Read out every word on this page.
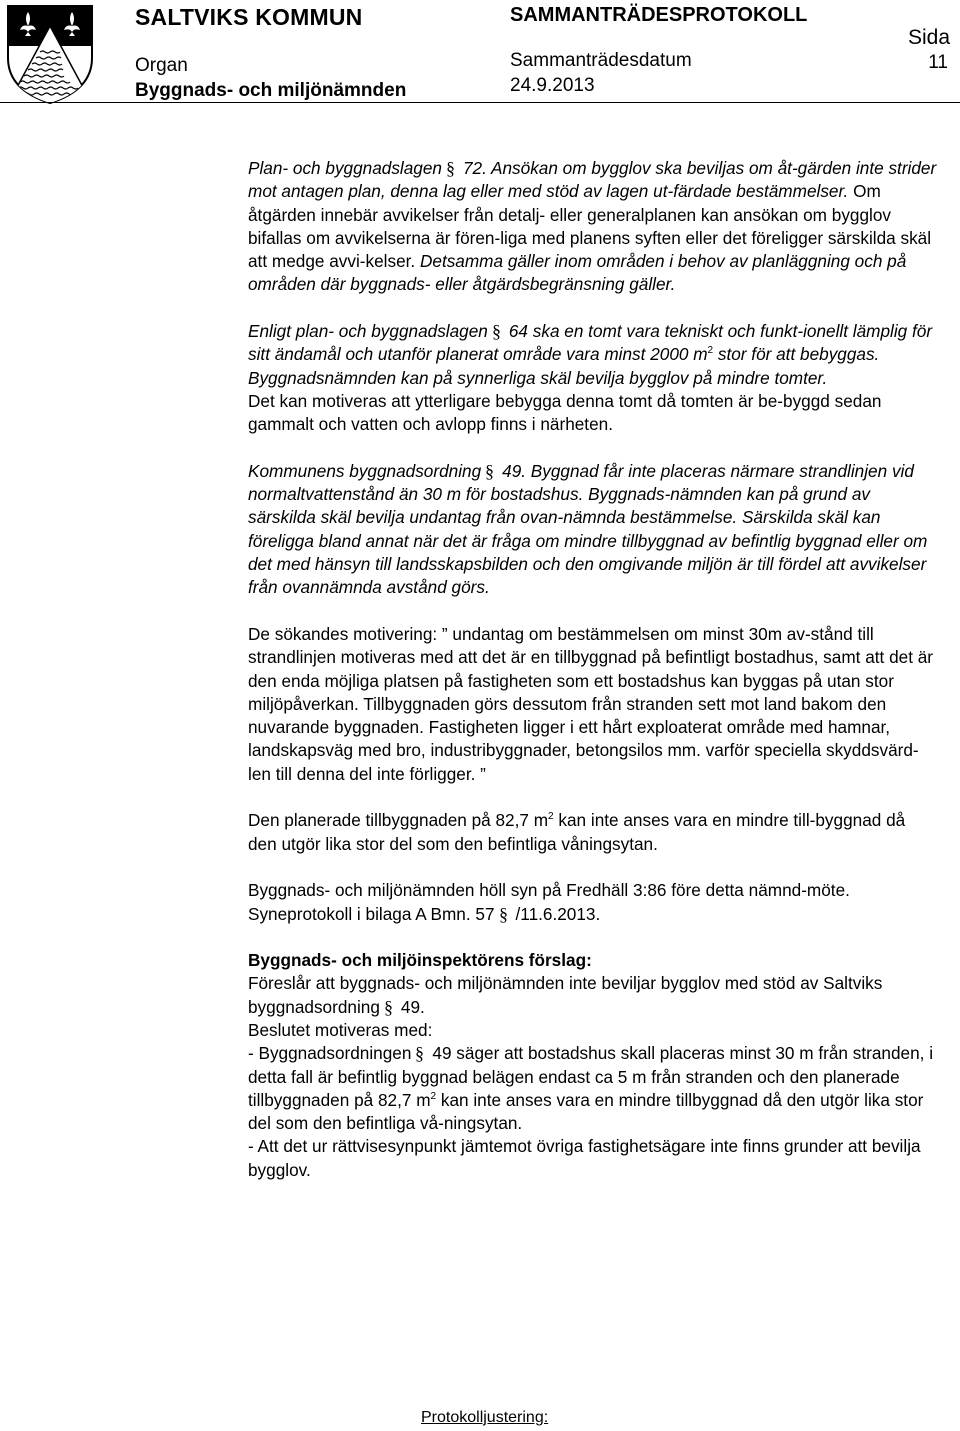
SALTVIKS KOMMUN	SAMMANTRÄDESPROTOKOLL
Organ
Byggnads- och miljönämnden
Sammanträdesdatum
24.9.2013
Sida
11

Plan- och byggnadslagen § 72. Ansökan om bygglov ska beviljas om åt-gärden inte strider mot antagen plan, denna lag eller med stöd av lagen ut-färdade bestämmelser. Om åtgärden innebär avvikelser från detalj- eller generalplanen kan ansökan om bygglov bifallas om avvikelserna är fören-liga med planens syften eller det föreligger särskilda skäl att medge avvi-kelser. Detsamma gäller inom områden i behov av planläggning och på områden där byggnads- eller åtgärdsbegränsning gäller.

Enligt plan- och byggnadslagen § 64 ska en tomt vara tekniskt och funkt-ionellt lämplig för sitt ändamål och utanför planerat område vara minst 2000 $m^2$ stor för att bebyggas. Byggnadsnämnden kan på synnerliga skäl bevilja bygglov på mindre tomter.

Det kan motiveras att ytterligare bebygga denna tomt då tomten är be-byggd sedan gammalt och vatten och avlopp finns i närheten.

Kommunens byggnadsordning § 49. Byggnad får inte placeras närmare strandlinjen vid normaltvattenstånd än 30 m för bostadshus. Byggnads-nämnden kan på grund av särskilda skäl bevilja undantag från ovan-nämnda bestämmelse. Särskilda skäl kan föreligga bland annat när det är fråga om mindre tillbyggnad av befintlig byggnad eller om det med hänsyn till landsskapsbilden och den omgivande miljön är till fördel att avvikelser från ovannämnda avstånd görs.

De sökandes motivering: ” undantag om bestämmelsen om minst 30m av-stånd till strandlinjen motiveras med att det är en tillbyggnad på befintligt bostadhus, samt att det är den enda möjliga platsen på fastigheten som ett bostadshus kan byggas på utan stor miljöpåverkan. Tillbyggnaden görs dessutom från stranden sett mot land bakom den nuvarande byggnaden. Fastigheten ligger i ett hårt exploaterat område med hamnar, landskapsväg med bro, industribyggnader, betongsilos mm. varför speciella skyddsvärd-len till denna del inte förligger. ”

Den planerade tillbyggnaden på 82,7 $m^2$ kan inte anses vara en mindre till-byggnad då den utgör lika stor del som den befintliga våningsytan.

Byggnads- och miljönämnden höll syn på Fredhäll 3:86 före detta nämnd-möte. Syneprotokoll i bilaga A Bmn. 57 § /11.6.2013.

Byggnads- och miljöinspektörens förslag:

Föreslår att byggnads- och miljönämnden inte beviljar bygglov med stöd av Saltviks byggnadsordning § 49.

Beslutet motiveras med:

- Byggnadsordningen § 49 säger att bostadshus skall placeras minst 30 m från stranden, i detta fall är befintlig byggnad belägen endast ca 5 m från stranden och den planerade tillbyggnaden på 82,7 $m^2$ kan inte anses vara en mindre tillbyggnad då den utgör lika stor del som den befintliga vå-ningsytan.

- Att det ur rättvisesynpunkt jämtemot övriga fastighetsägare inte finns grunder att bevilja bygglov.

Protokolljustering:
